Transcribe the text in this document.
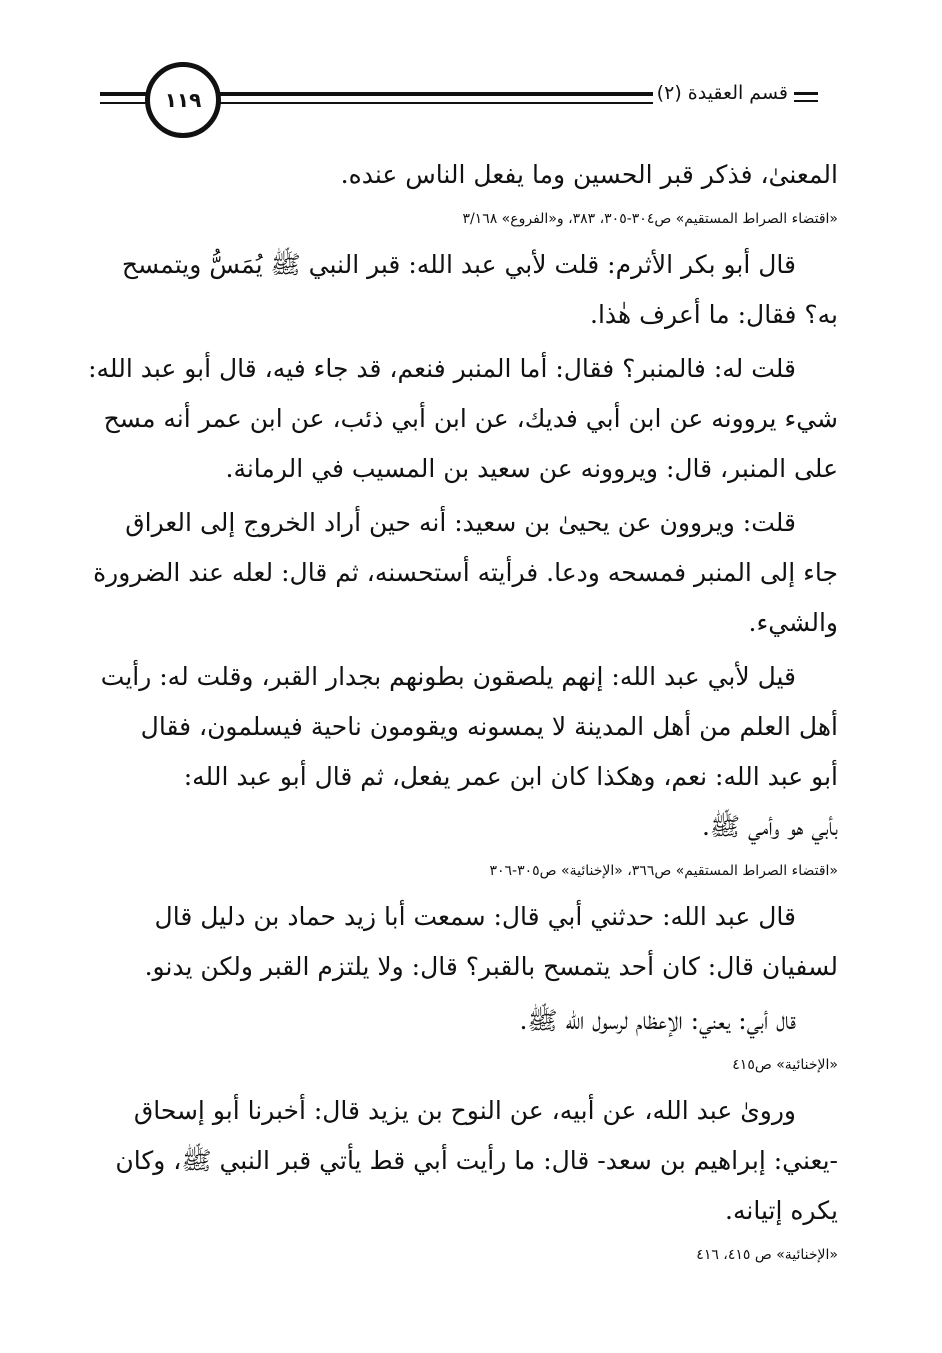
١١٩	قسم العقيدة (٢)

المعنىٰ، فذكر قبر الحسين وما يفعل الناس عنده.

«اقتضاء الصراط المستقيم» ص٣٠٤-٣٠٥، ٣٨٣، و«الفروع» ٣/١٦٨

قال أبو بكر الأثرم: قلت لأبي عبد الله: قبر النبي ﷺ يُمَسُّ ويتمسح

به؟ فقال: ما أعرف هٰذا.

قلت له: فالمنبر؟ فقال: أما المنبر فنعم، قد جاء فيه، قال أبو عبد الله:

شيء يروونه عن ابن أبي فديك، عن ابن أبي ذئب، عن ابن عمر أنه مسح

على المنبر، قال: ويروونه عن سعيد بن المسيب في الرمانة.

قلت: ويروون عن يحيىٰ بن سعيد: أنه حين أراد الخروج إلى العراق

جاء إلى المنبر فمسحه ودعا. فرأيته أستحسنه، ثم قال: لعله عند الضرورة

والشيء.

قيل لأبي عبد الله: إنهم يلصقون بطونهم بجدار القبر، وقلت له: رأيت

أهل العلم من أهل المدينة لا يمسونه ويقومون ناحية فيسلمون، فقال

أبو عبد الله: نعم، وهكذا كان ابن عمر يفعل، ثم قال أبو عبد الله:

بأبي هو وأمي ﷺ.

«اقتضاء الصراط المستقيم» ص٣٦٦، «الإخنائية» ص٣٠٥-٣٠٦

قال عبد الله: حدثني أبي قال: سمعت أبا زيد حماد بن دليل قال

لسفيان قال: كان أحد يتمسح بالقبر؟ قال: ولا يلتزم القبر ولكن يدنو.

قال أبي: يعني: الإعظام لرسول الله ﷺ.

«الإخنائية» ص٤١٥

ورویٰ عبد الله، عن أبيه، عن النوح بن يزيد قال: أخبرنا أبو إسحاق

-يعني: إبراهيم بن سعد- قال: ما رأيت أبي قط يأتي قبر النبي ﷺ، وكان

يكره إتيانه.

«الإخنائية» ص ٤١٥، ٤١٦
